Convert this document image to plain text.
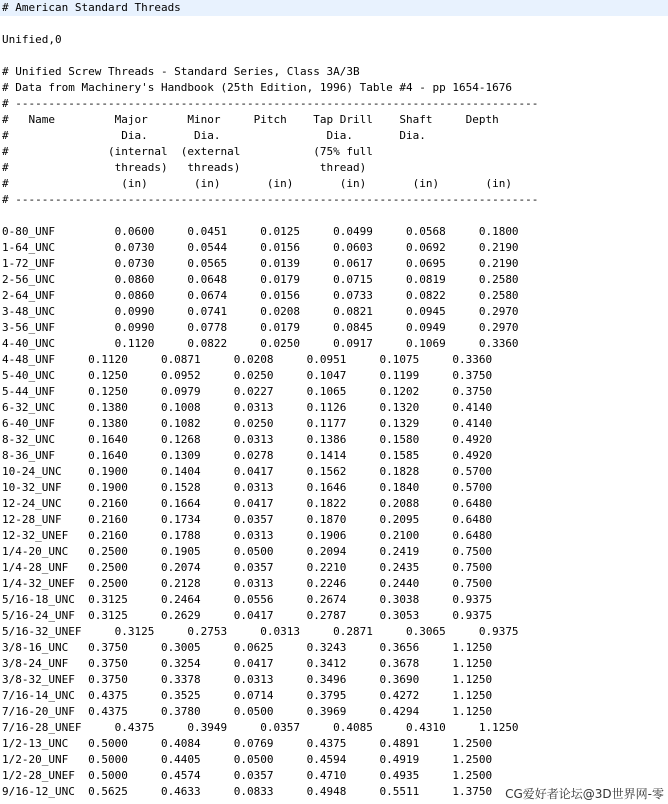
# American Standard Threads
Unified,0
# Unified Screw Threads - Standard Series, Class 3A/3B
# Data from Machinery's Handbook (25th Edition, 1996) Table #4 - pp 1654-1676
# -------------------------------------------------------------------------------
#   Name         Major      Minor     Pitch    Tap Drill    Shaft     Depth
#                 Dia.       Dia.                Dia.       Dia.
#               (internal  (external           (75% full
#                threads)   threads)            thread)
#                 (in)       (in)       (in)       (in)       (in)       (in)
# -------------------------------------------------------------------------------
0-80_UNF         0.0600     0.0451     0.0125     0.0499     0.0568     0.1800
1-64_UNC         0.0730     0.0544     0.0156     0.0603     0.0692     0.2190
1-72_UNF         0.0730     0.0565     0.0139     0.0617     0.0695     0.2190
2-56_UNC         0.0860     0.0648     0.0179     0.0715     0.0819     0.2580
2-64_UNF         0.0860     0.0674     0.0156     0.0733     0.0822     0.2580
3-48_UNC         0.0990     0.0741     0.0208     0.0821     0.0945     0.2970
3-56_UNF         0.0990     0.0778     0.0179     0.0845     0.0949     0.2970
4-40_UNC         0.1120     0.0822     0.0250     0.0917     0.1069     0.3360
4-48_UNF     0.1120     0.0871     0.0208     0.0951     0.1075     0.3360
5-40_UNC     0.1250     0.0952     0.0250     0.1047     0.1199     0.3750
5-44_UNF     0.1250     0.0979     0.0227     0.1065     0.1202     0.3750
6-32_UNC     0.1380     0.1008     0.0313     0.1126     0.1320     0.4140
6-40_UNF     0.1380     0.1082     0.0250     0.1177     0.1329     0.4140
8-32_UNC     0.1640     0.1268     0.0313     0.1386     0.1580     0.4920
8-36_UNF     0.1640     0.1309     0.0278     0.1414     0.1585     0.4920
10-24_UNC    0.1900     0.1404     0.0417     0.1562     0.1828     0.5700
10-32_UNF    0.1900     0.1528     0.0313     0.1646     0.1840     0.5700
12-24_UNC    0.2160     0.1664     0.0417     0.1822     0.2088     0.6480
12-28_UNF    0.2160     0.1734     0.0357     0.1870     0.2095     0.6480
12-32_UNEF   0.2160     0.1788     0.0313     0.1906     0.2100     0.6480
1/4-20_UNC   0.2500     0.1905     0.0500     0.2094     0.2419     0.7500
1/4-28_UNF   0.2500     0.2074     0.0357     0.2210     0.2435     0.7500
1/4-32_UNEF  0.2500     0.2128     0.0313     0.2246     0.2440     0.7500
5/16-18_UNC  0.3125     0.2464     0.0556     0.2674     0.3038     0.9375
5/16-24_UNF  0.3125     0.2629     0.0417     0.2787     0.3053     0.9375
5/16-32_UNEF     0.3125     0.2753     0.0313     0.2871     0.3065     0.9375
3/8-16_UNC   0.3750     0.3005     0.0625     0.3243     0.3656     1.1250
3/8-24_UNF   0.3750     0.3254     0.0417     0.3412     0.3678     1.1250
3/8-32_UNEF  0.3750     0.3378     0.0313     0.3496     0.3690     1.1250
7/16-14_UNC  0.4375     0.3525     0.0714     0.3795     0.4272     1.1250
7/16-20_UNF  0.4375     0.3780     0.0500     0.3969     0.4294     1.1250
7/16-28_UNEF     0.4375     0.3949     0.0357     0.4085     0.4310     1.1250
1/2-13_UNC   0.5000     0.4084     0.0769     0.4375     0.4891     1.2500
1/2-20_UNF   0.5000     0.4405     0.0500     0.4594     0.4919     1.2500
1/2-28_UNEF  0.5000     0.4574     0.0357     0.4710     0.4935     1.2500
9/16-12_UNC  0.5625     0.4633     0.0833     0.4948     0.5511     1.3750	CG爱好者论坛@3D世界网-零
